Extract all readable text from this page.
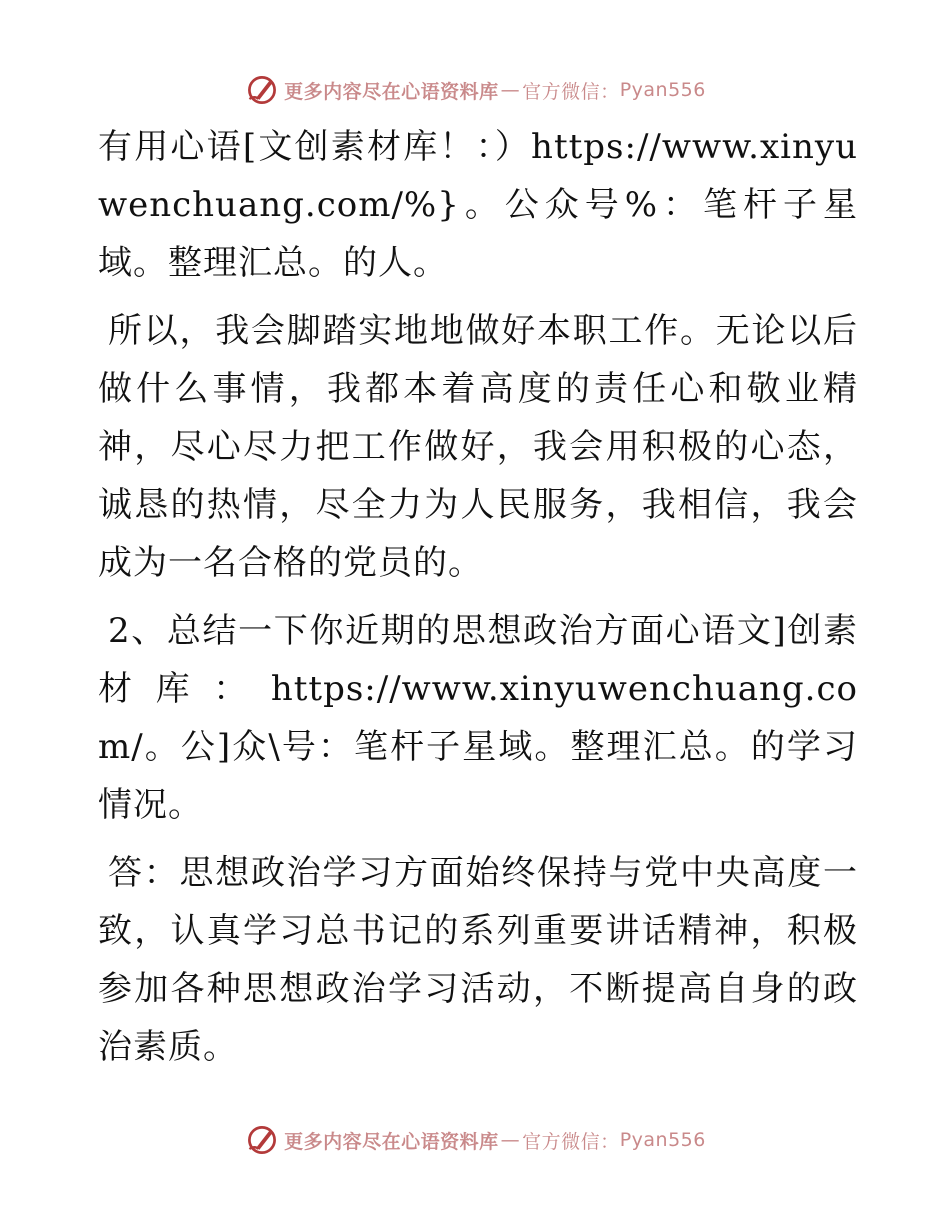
更多内容尽在心语资料库 — 官方微信： Pyan556

有用心语[文创素材库！：）https://www.xinyuwenchuang.com/%}。公众号%：笔杆子星域。整理汇总。的人。

所以，我会脚踏实地地做好本职工作。无论以后做什么事情，我都本着高度的责任心和敬业精神，尽心尽力把工作做好，我会用积极的心态，诚恳的热情，尽全力为人民服务，我相信，我会成为一名合格的党员的。

2、总结一下你近期的思想政治方面心语文]创素材库：https://www.xinyuwenchuang.com/。公]众\号：笔杆子星域。整理汇总。的学习情况。

答：思想政治学习方面始终保持与党中央高度一致，认真学习总书记的系列重要讲话精神，积极参加各种思想政治学习活动，不断提高自身的政治素质。

更多内容尽在心语资料库 — 官方微信： Pyan556
